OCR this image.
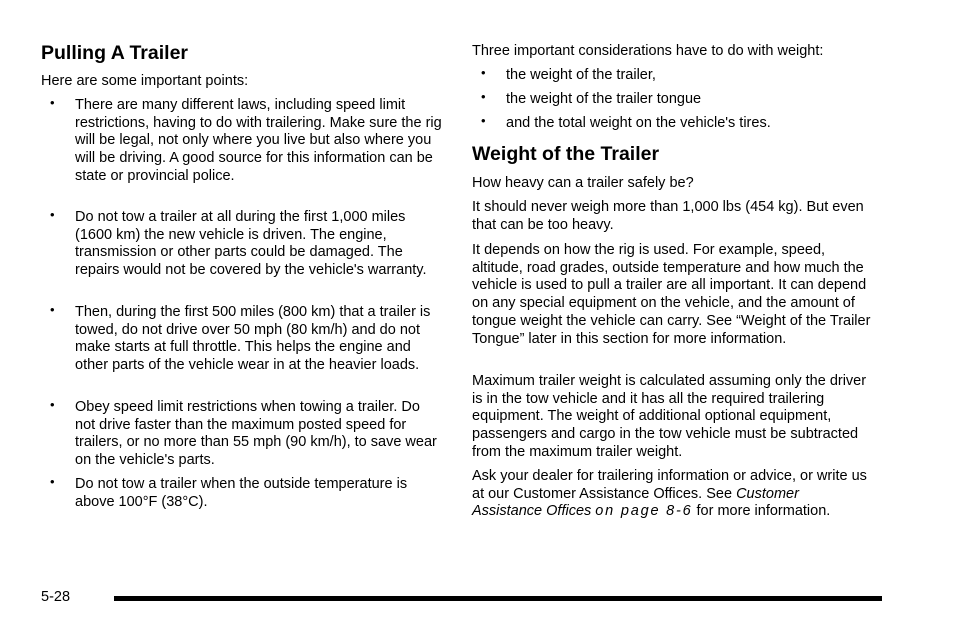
Pulling A Trailer

Here are some important points:

•	There are many different laws, including speed limit restrictions, having to do with trailering. Make sure the rig will be legal, not only where you live but also where you will be driving. A good source for this information can be state or provincial police.
•	Do not tow a trailer at all during the first 1,000 miles (1600 km) the new vehicle is driven. The engine, transmission or other parts could be damaged. The repairs would not be covered by the vehicle's warranty.
•	Then, during the first 500 miles (800 km) that a trailer is towed, do not drive over 50 mph (80 km/h) and do not make starts at full throttle. This helps the engine and other parts of the vehicle wear in at the heavier loads.
•	Obey speed limit restrictions when towing a trailer. Do not drive faster than the maximum posted speed for trailers, or no more than 55 mph (90 km/h), to save wear on the vehicle's parts.
•	Do not tow a trailer when the outside temperature is above 100°F (38°C).

Three important considerations have to do with weight:

•	the weight of the trailer,
•	the weight of the trailer tongue
•	and the total weight on the vehicle's tires.
Weight of the Trailer

How heavy can a trailer safely be?

It should never weigh more than 1,000 lbs (454 kg). But even that can be too heavy.

It depends on how the rig is used. For example, speed, altitude, road grades, outside temperature and how much the vehicle is used to pull a trailer are all important. It can depend on any special equipment on the vehicle, and the amount of tongue weight the vehicle can carry. See “Weight of the Trailer Tongue” later in this section for more information.

Maximum trailer weight is calculated assuming only the driver is in the tow vehicle and it has all the required trailering equipment. The weight of additional optional equipment, passengers and cargo in the tow vehicle must be subtracted from the maximum trailer weight.

Ask your dealer for trailering information or advice, or write us at our Customer Assistance Offices. See Customer Assistance Offices on page 8-6 for more information.

5-28
